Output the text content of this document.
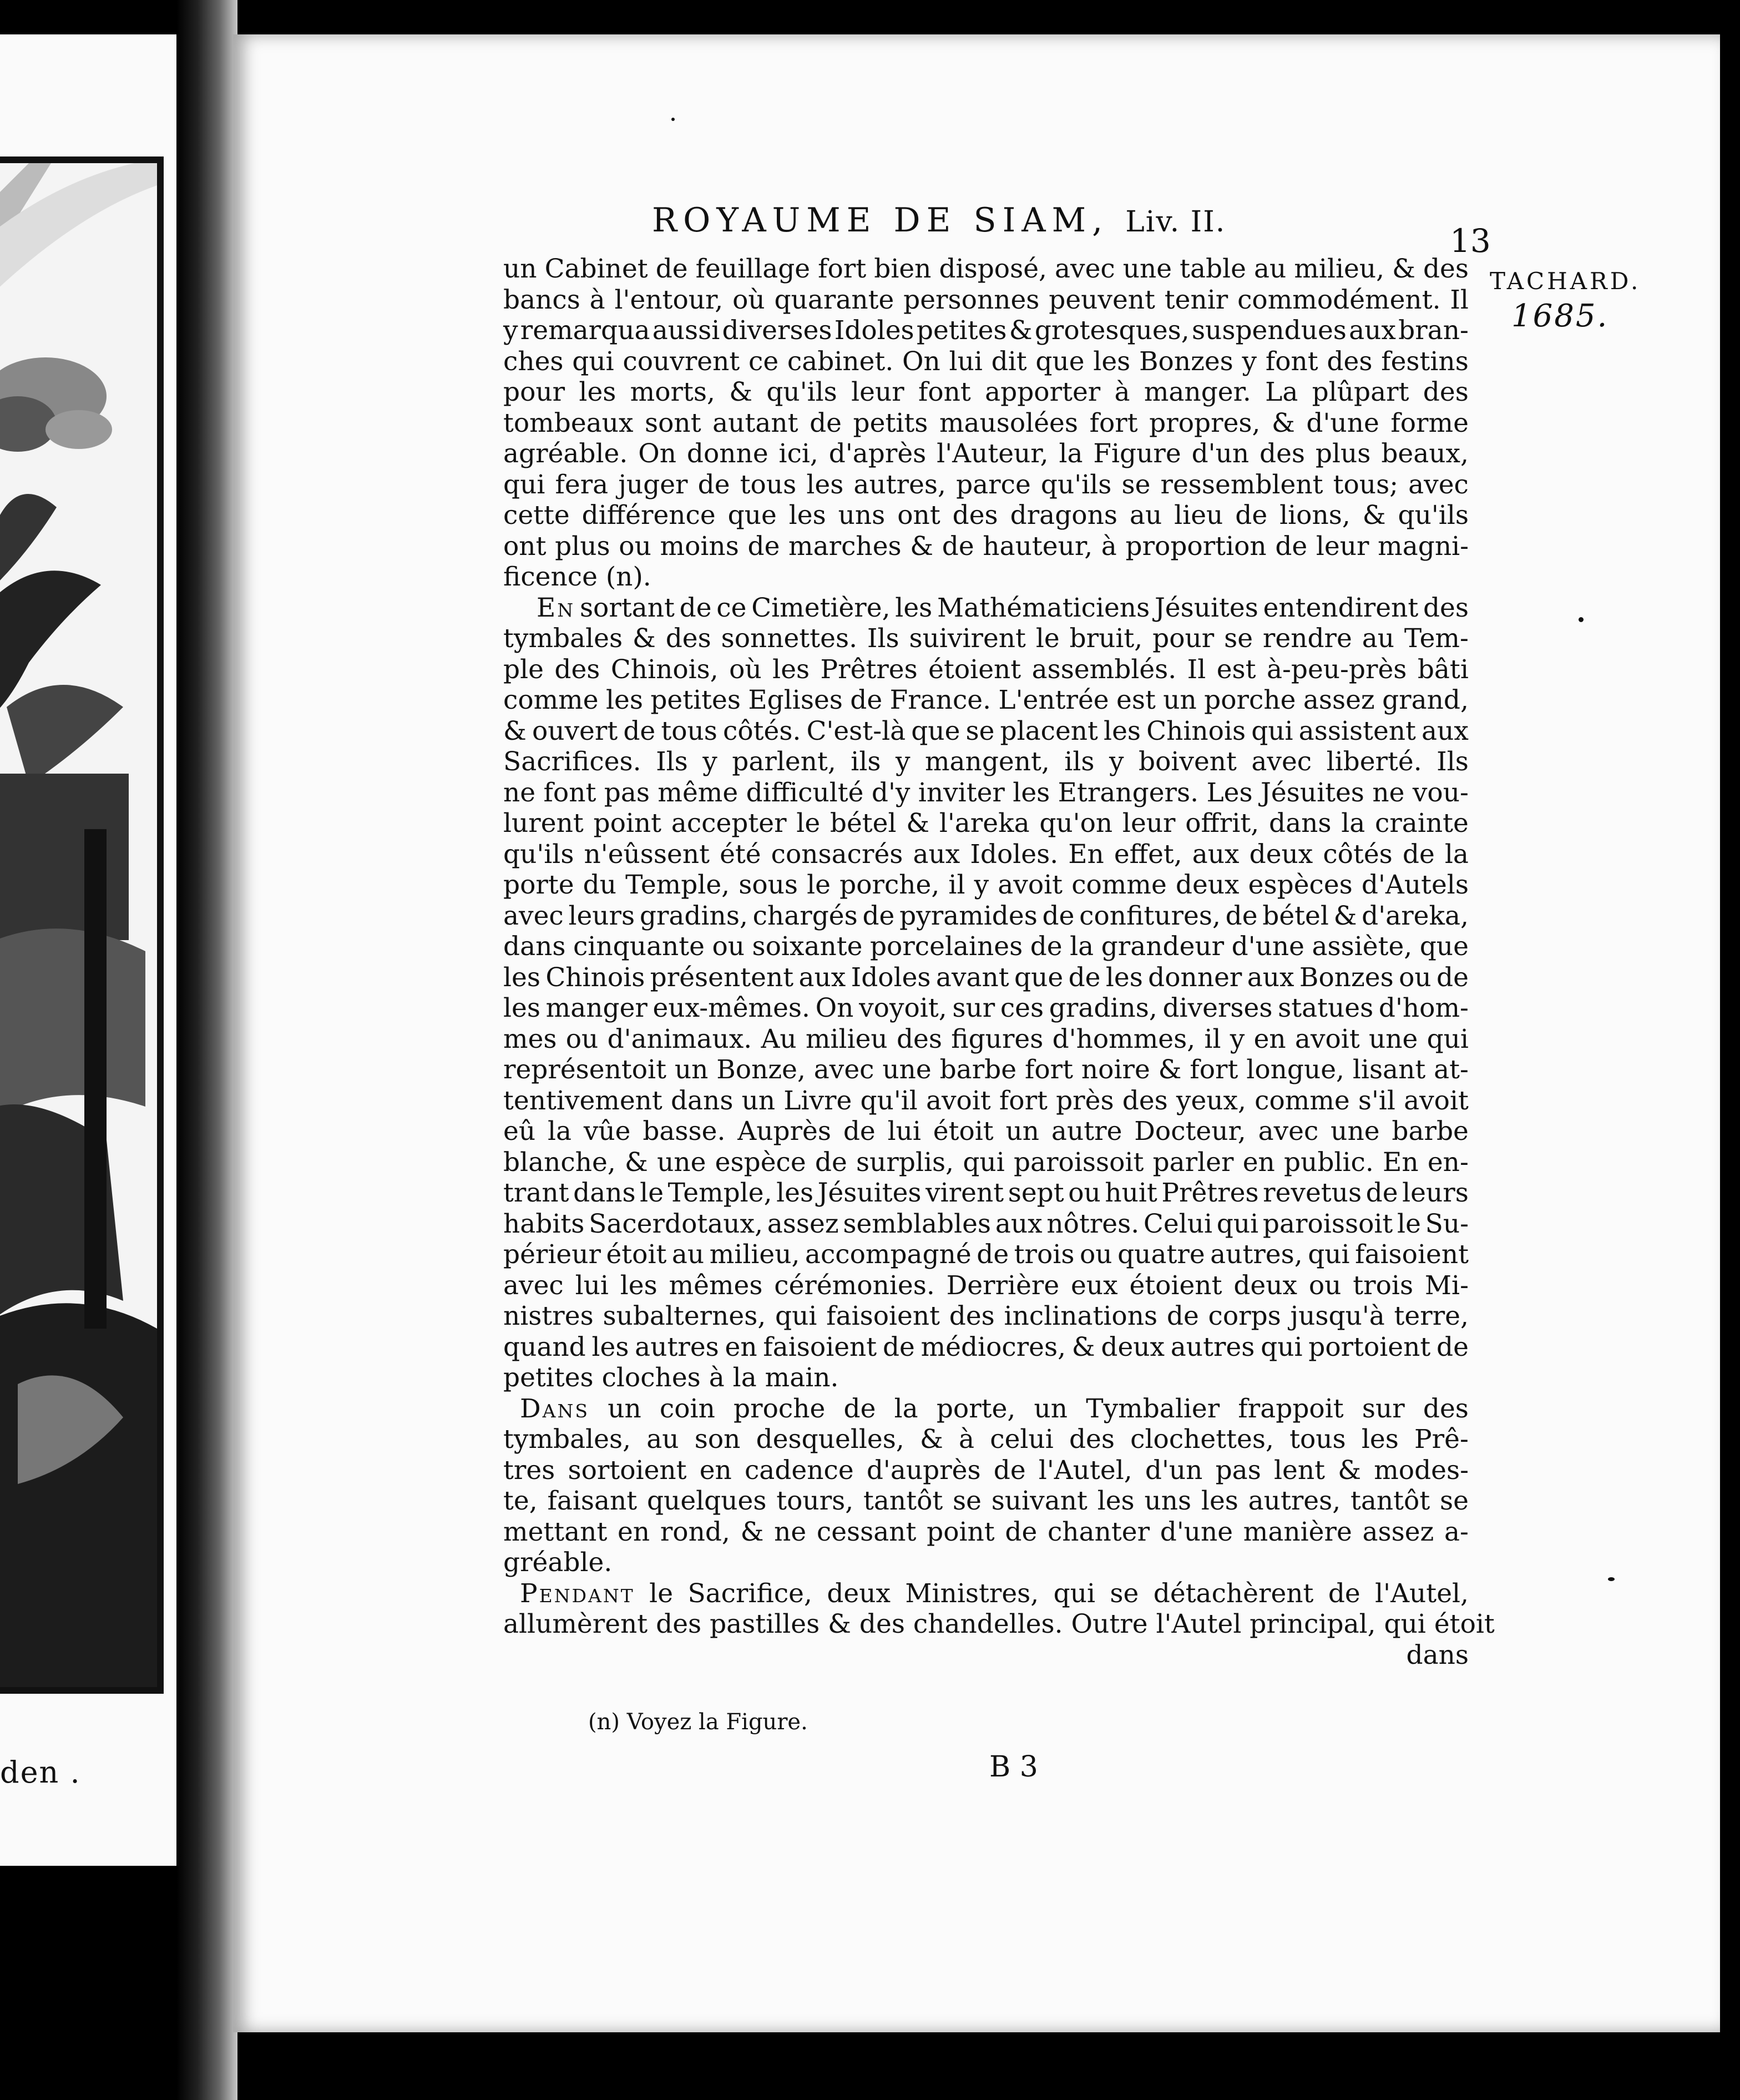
den .
ROYAUME DE SIAM, Liv. II.	13
TACHARD.
1685.
un Cabinet de feuillage fort bien disposé, avec une table au milieu, & des
bancs à l'entour, où quarante personnes peuvent tenir commodément. Il
y remarqua aussi diverses Idoles petites & grotesques, suspendues aux bran-
ches qui couvrent ce cabinet. On lui dit que les Bonzes y font des festins
pour les morts, & qu'ils leur font apporter à manger. La plûpart des
tombeaux sont autant de petits mausolées fort propres, & d'une forme
agréable. On donne ici, d'après l'Auteur, la Figure d'un des plus beaux,
qui fera juger de tous les autres, parce qu'ils se ressemblent tous; avec
cette différence que les uns ont des dragons au lieu de lions, & qu'ils
ont plus ou moins de marches & de hauteur, à proportion de leur magni-
ficence (n).
En sortant de ce Cimetière, les Mathématiciens Jésuites entendirent des
tymbales & des sonnettes. Ils suivirent le bruit, pour se rendre au Tem-
ple des Chinois, où les Prêtres étoient assemblés. Il est à-peu-près bâti
comme les petites Eglises de France. L'entrée est un porche assez grand,
& ouvert de tous côtés. C'est-là que se placent les Chinois qui assistent aux
Sacrifices. Ils y parlent, ils y mangent, ils y boivent avec liberté. Ils
ne font pas même difficulté d'y inviter les Etrangers. Les Jésuites ne vou-
lurent point accepter le bétel & l'areka qu'on leur offrit, dans la crainte
qu'ils n'eûssent été consacrés aux Idoles. En effet, aux deux côtés de la
porte du Temple, sous le porche, il y avoit comme deux espèces d'Autels
avec leurs gradins, chargés de pyramides de confitures, de bétel & d'areka,
dans cinquante ou soixante porcelaines de la grandeur d'une assiète, que
les Chinois présentent aux Idoles avant que de les donner aux Bonzes ou de
les manger eux-mêmes. On voyoit, sur ces gradins, diverses statues d'hom-
mes ou d'animaux. Au milieu des figures d'hommes, il y en avoit une qui
représentoit un Bonze, avec une barbe fort noire & fort longue, lisant at-
tentivement dans un Livre qu'il avoit fort près des yeux, comme s'il avoit
eû la vûe basse. Auprès de lui étoit un autre Docteur, avec une barbe
blanche, & une espèce de surplis, qui paroissoit parler en public. En en-
trant dans le Temple, les Jésuites virent sept ou huit Prêtres revetus de leurs
habits Sacerdotaux, assez semblables aux nôtres. Celui qui paroissoit le Su-
périeur étoit au milieu, accompagné de trois ou quatre autres, qui faisoient
avec lui les mêmes cérémonies. Derrière eux étoient deux ou trois Mi-
nistres subalternes, qui faisoient des inclinations de corps jusqu'à terre,
quand les autres en faisoient de médiocres, & deux autres qui portoient de
petites cloches à la main.
Dans un coin proche de la porte, un Tymbalier frappoit sur des
tymbales, au son desquelles, & à celui des clochettes, tous les Prê-
tres sortoient en cadence d'auprès de l'Autel, d'un pas lent & modes-
te, faisant quelques tours, tantôt se suivant les uns les autres, tantôt se
mettant en rond, & ne cessant point de chanter d'une manière assez a-
gréable.
Pendant le Sacrifice, deux Ministres, qui se détachèrent de l'Autel,
allumèrent des pastilles & des chandelles. Outre l'Autel principal, qui étoit
dans
(n) Voyez la Figure.
B 3
